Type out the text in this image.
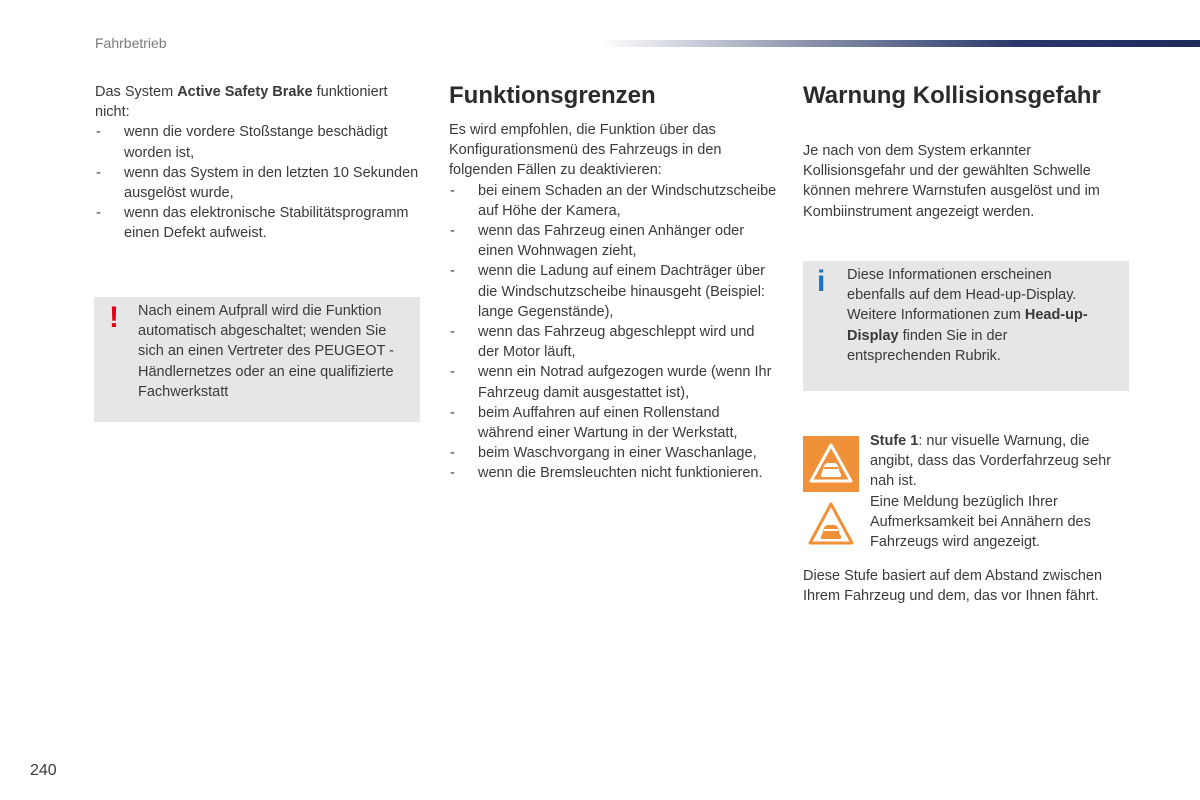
Fahrbetrieb

Das System Active Safety Brake funktioniert nicht:

- wenn die vordere Stoßstange beschädigt worden ist,
- wenn das System in den letzten 10 Sekunden ausgelöst wurde,
- wenn das elektronische Stabilitätsprogramm einen Defekt aufweist.
! Nach einem Aufprall wird die Funktion automatisch abgeschaltet; wenden Sie sich an einen Vertreter des PEUGEOT -Händlernetzes oder an eine qualifizierte Fachwerkstatt
Funktionsgrenzen

Es wird empfohlen, die Funktion über das Konfigurationsmenü des Fahrzeugs in den folgenden Fällen zu deaktivieren:

- bei einem Schaden an der Windschutzscheibe auf Höhe der Kamera,
- wenn das Fahrzeug einen Anhänger oder einen Wohnwagen zieht,
- wenn die Ladung auf einem Dachträger über die Windschutzscheibe hinausgeht (Beispiel: lange Gegenstände),
- wenn das Fahrzeug abgeschleppt wird und der Motor läuft,
- wenn ein Notrad aufgezogen wurde (wenn Ihr Fahrzeug damit ausgestattet ist),
- beim Auffahren auf einen Rollenstand während einer Wartung in der Werkstatt,
- beim Waschvorgang in einer Waschanlage,
- wenn die Bremsleuchten nicht funktionieren.
Warnung Kollisionsgefahr
Je nach von dem System erkannter Kollisionsgefahr und der gewählten Schwelle können mehrere Warnstufen ausgelöst und im Kombiinstrument angezeigt werden.
i Diese Informationen erscheinen ebenfalls auf dem Head-up-Display. Weitere Informationen zum Head-up-Display finden Sie in der entsprechenden Rubrik.

Stufe 1: nur visuelle Warnung, die angibt, dass das Vorderfahrzeug sehr nah ist.

Eine Meldung bezüglich Ihrer Aufmerksamkeit bei Annähern des Fahrzeugs wird angezeigt.

Diese Stufe basiert auf dem Abstand zwischen Ihrem Fahrzeug und dem, das vor Ihnen fährt.
240
